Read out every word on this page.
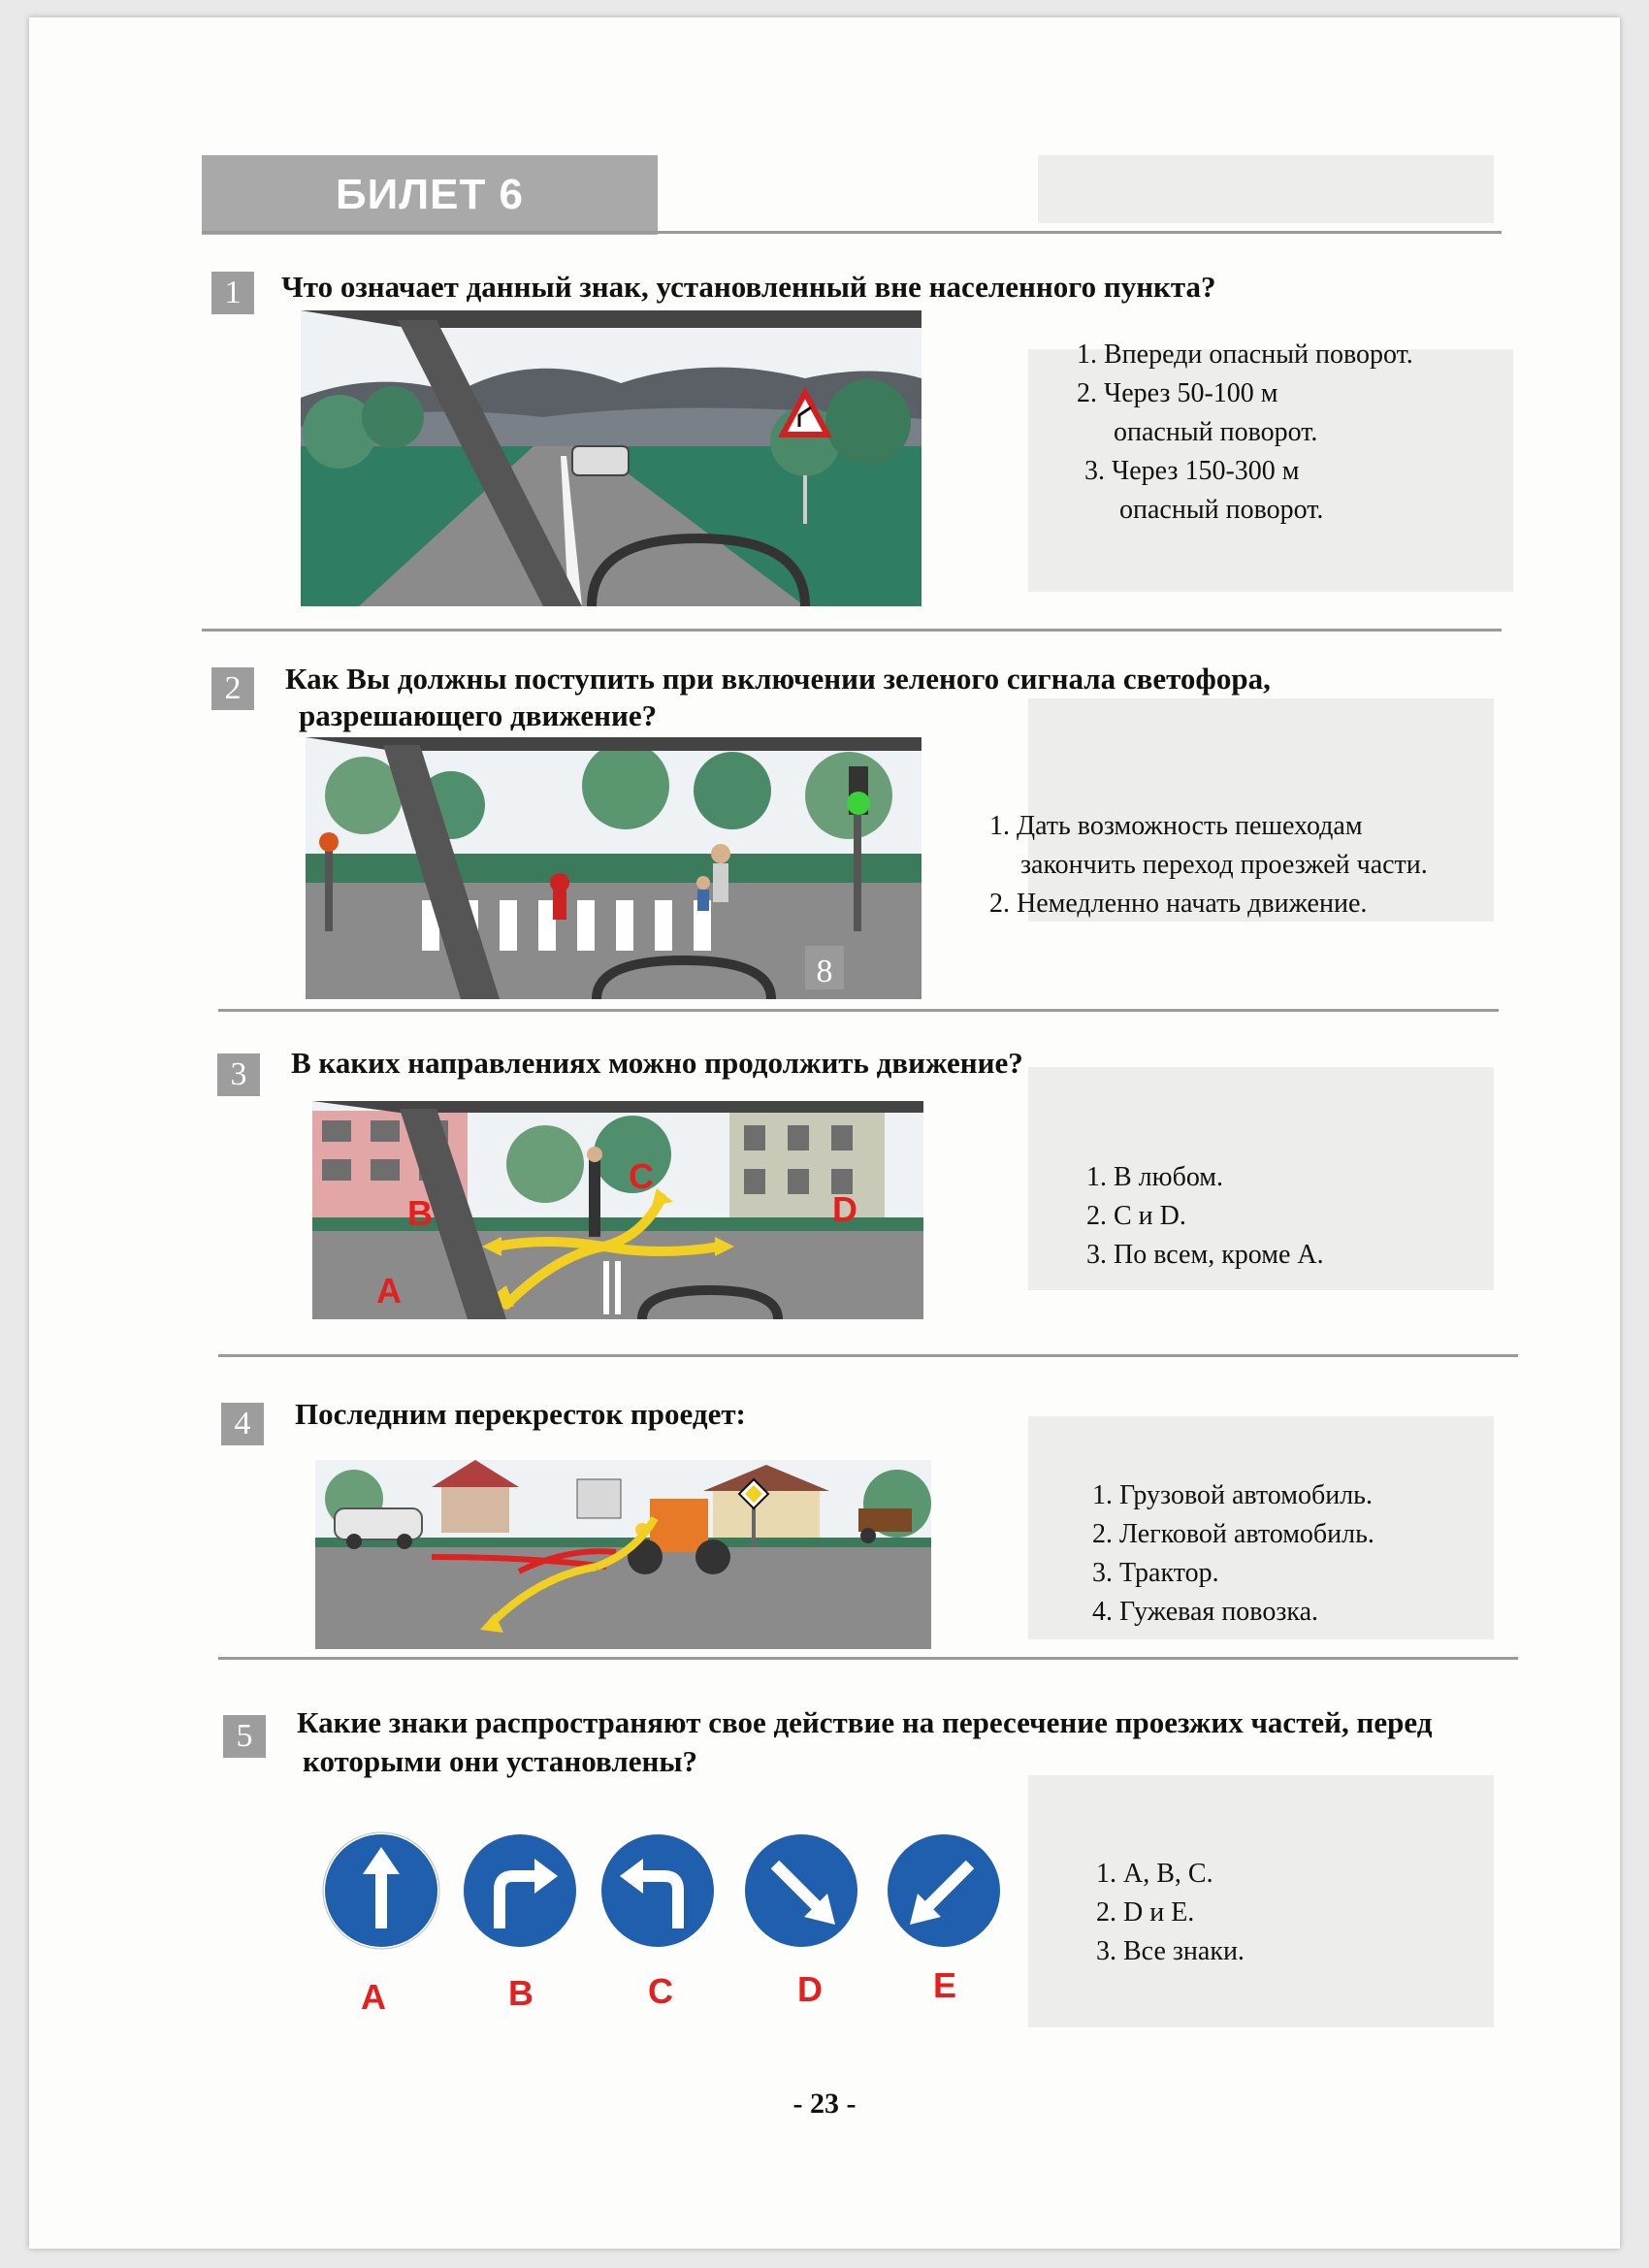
БИЛЕТ 6
1	Что означает данный знак, установленный вне населенного пункта?
1. Впереди опасный поворот.
2. Через 50-100 м
опасный поворот.
3. Через 150-300 м
опасный поворот.
2	Как Вы должны поступить при включении зеленого сигнала светофора,
разрешающего движение?
8
1. Дать возможность пешеходам
закончить переход проезжей части.
2. Немедленно начать движение.
3	В каких направлениях можно продолжить движение?
A
B
C
D
1. В любом.
2. С и D.
3. По всем, кроме А.
4	Последним перекресток проедет:
1. Грузовой автомобиль.
2. Легковой автомобиль.
3. Трактор.
4. Гужевая повозка.
5	Какие знаки распространяют свое действие на пересечение проезжих частей, перед
которыми они установлены?
A	B	C	D	E
1. А, В, С.
2. D и Е.
3. Все знаки.
- 23 -
